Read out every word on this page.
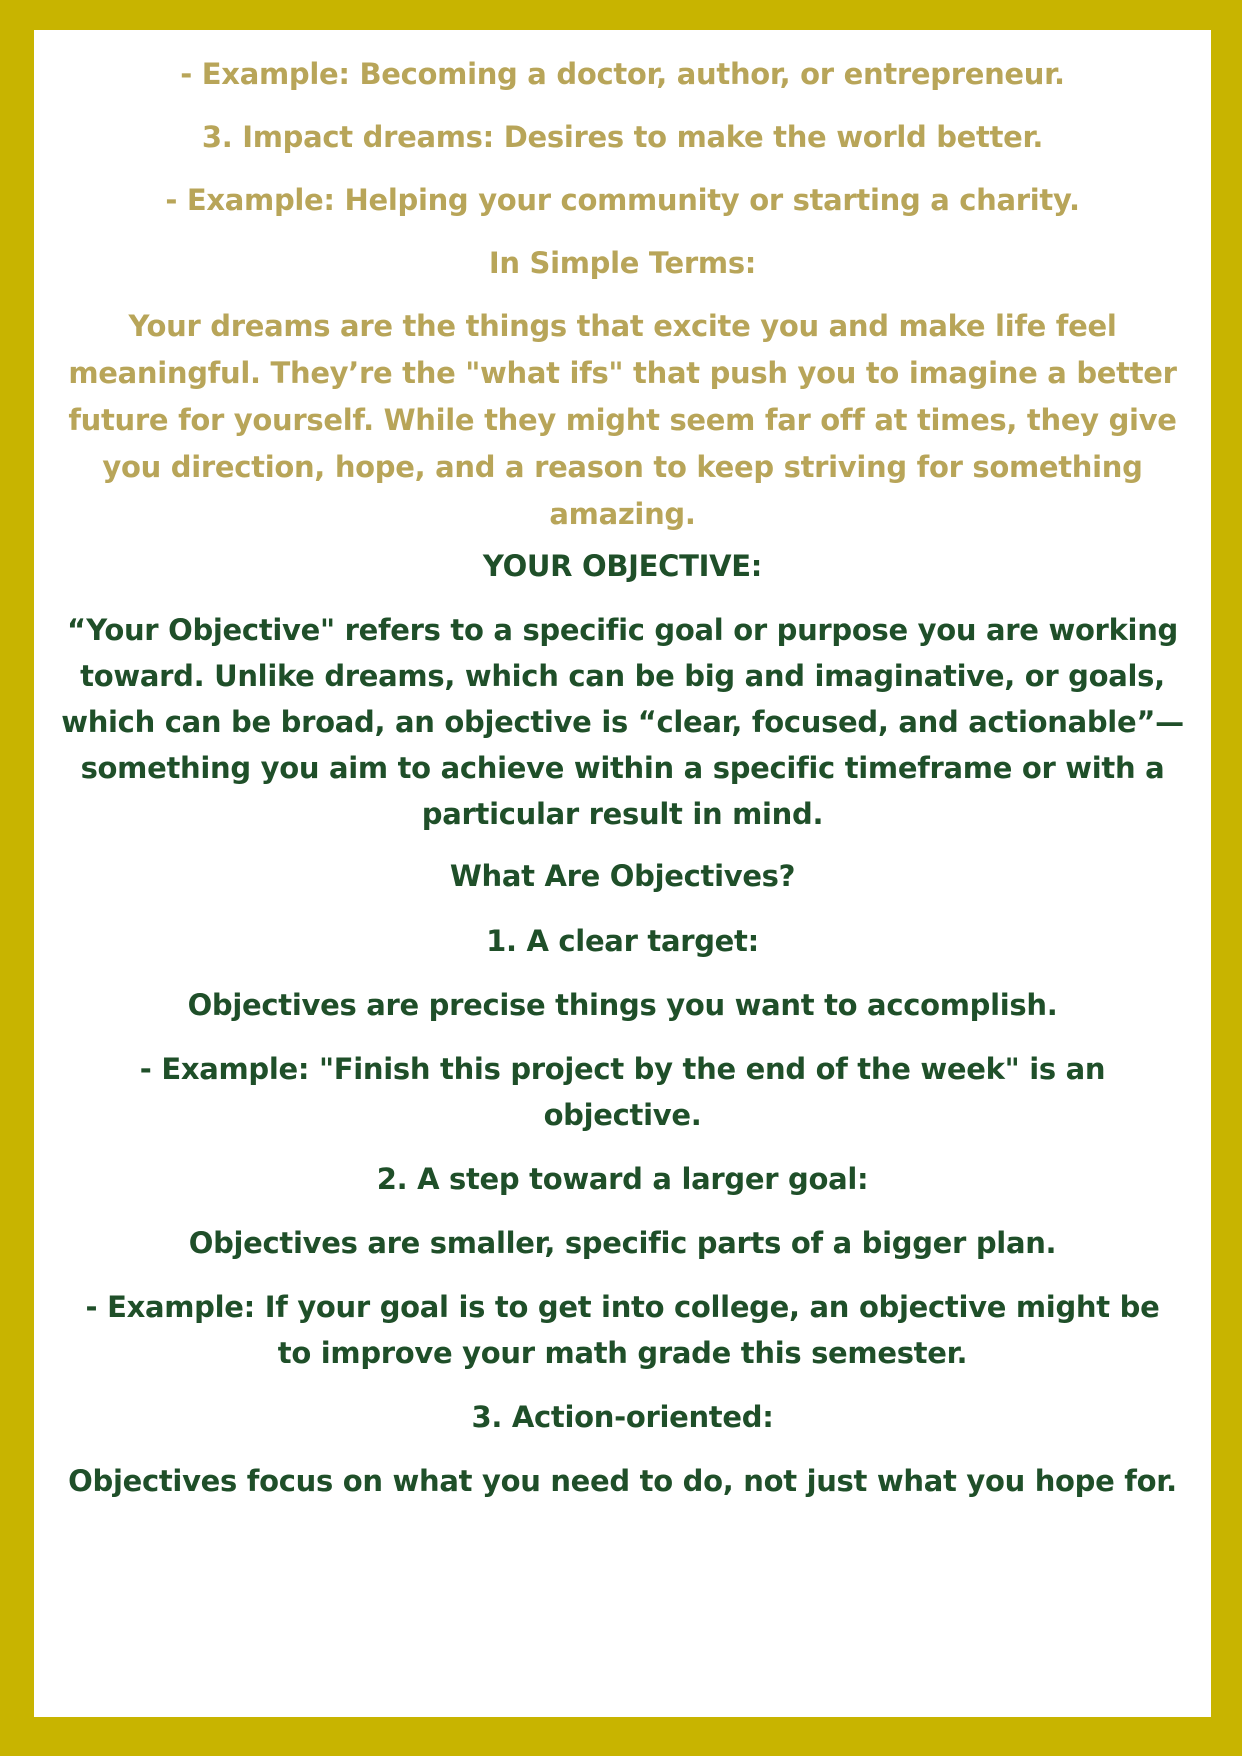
- Example: Becoming a doctor, author, or entrepreneur.
3. Impact dreams: Desires to make the world better.
- Example: Helping your community or starting a charity.
In Simple Terms:
Your dreams are the things that excite you and make life feel
meaningful. They’re the "what ifs" that push you to imagine a better
future for yourself. While they might seem far off at times, they give
you direction, hope, and a reason to keep striving for something
amazing.
YOUR OBJECTIVE:
“Your Objective" refers to a specific goal or purpose you are working
toward. Unlike dreams, which can be big and imaginative, or goals,
which can be broad, an objective is “clear, focused, and actionable”—
something you aim to achieve within a specific timeframe or with a
particular result in mind.
What Are Objectives?
1. A clear target:
Objectives are precise things you want to accomplish.
- Example: "Finish this project by the end of the week" is an
objective.
2. A step toward a larger goal:
Objectives are smaller, specific parts of a bigger plan.
- Example: If your goal is to get into college, an objective might be
to improve your math grade this semester.
3. Action-oriented:
Objectives focus on what you need to do, not just what you hope for.
